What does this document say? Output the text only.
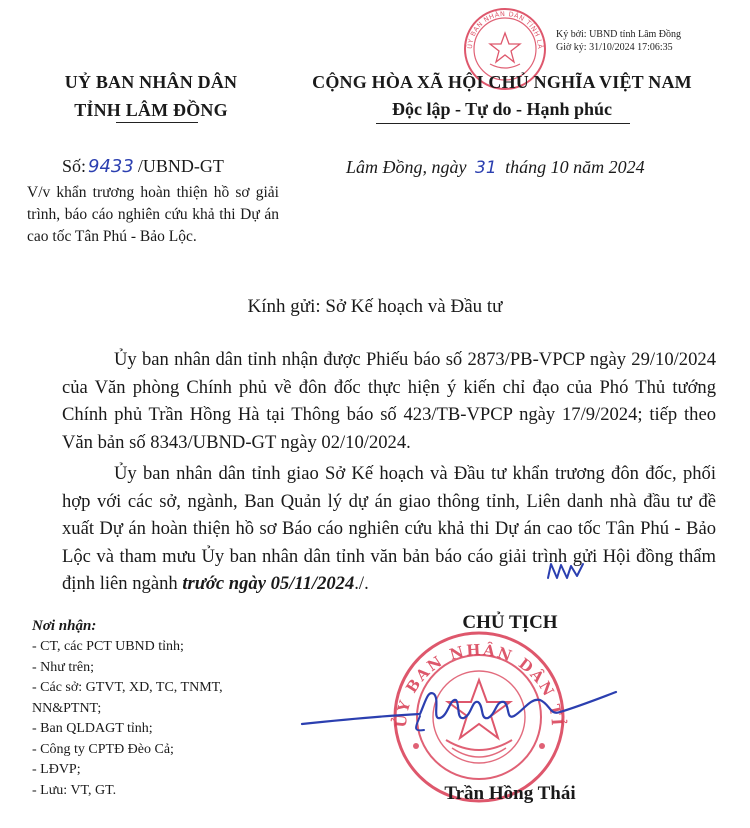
ỦY BAN NHÂN DÂN TỈNH LÂM ĐỒNG
Ký bởi: UBND tỉnh Lâm Đồng
Giờ ký: 31/10/2024 17:06:35
UỶ BAN NHÂN DÂN
TỈNH LÂM ĐỒNG
CỘNG HÒA XÃ HỘI CHỦ NGHĨA VIỆT NAM
Độc lập - Tự do - Hạnh phúc
Số: 9433 /UBND-GT
V/v khẩn trương hoàn thiện hồ sơ giải trình, báo cáo nghiên cứu khả thi Dự án cao tốc Tân Phú - Bảo Lộc.
Lâm Đồng, ngày 31 tháng 10 năm 2024
Kính gửi: Sở Kế hoạch và Đầu tư
Ủy ban nhân dân tỉnh nhận được Phiếu báo số 2873/PB-VPCP ngày 29/10/2024 của Văn phòng Chính phủ về đôn đốc thực hiện ý kiến chỉ đạo của Phó Thủ tướng Chính phủ Trần Hồng Hà tại Thông báo số 423/TB-VPCP ngày 17/9/2024; tiếp theo Văn bản số 8343/UBND-GT ngày 02/10/2024.
Ủy ban nhân dân tỉnh giao Sở Kế hoạch và Đầu tư khẩn trương đôn đốc, phối hợp với các sở, ngành, Ban Quản lý dự án giao thông tỉnh, Liên danh nhà đầu tư đề xuất Dự án hoàn thiện hồ sơ Báo cáo nghiên cứu khả thi Dự án cao tốc Tân Phú - Bảo Lộc và tham mưu Ủy ban nhân dân tỉnh văn bản báo cáo giải trình gửi Hội đồng thẩm định liên ngành trước ngày 05/11/2024./.
Nơi nhận:
- CT, các PCT UBND tỉnh;
- Như trên;
- Các sở: GTVT, XD, TC, TNMT,
NN&PTNT;
- Ban QLDAGT tỉnh;
- Công ty CPTĐ Đèo Cả;
- LĐVP;
- Lưu: VT, GT.
CHỦ TỊCH
ỦY BAN NHÂN DÂN TỈNH LÂM ĐỒNG
Trần Hồng Thái
